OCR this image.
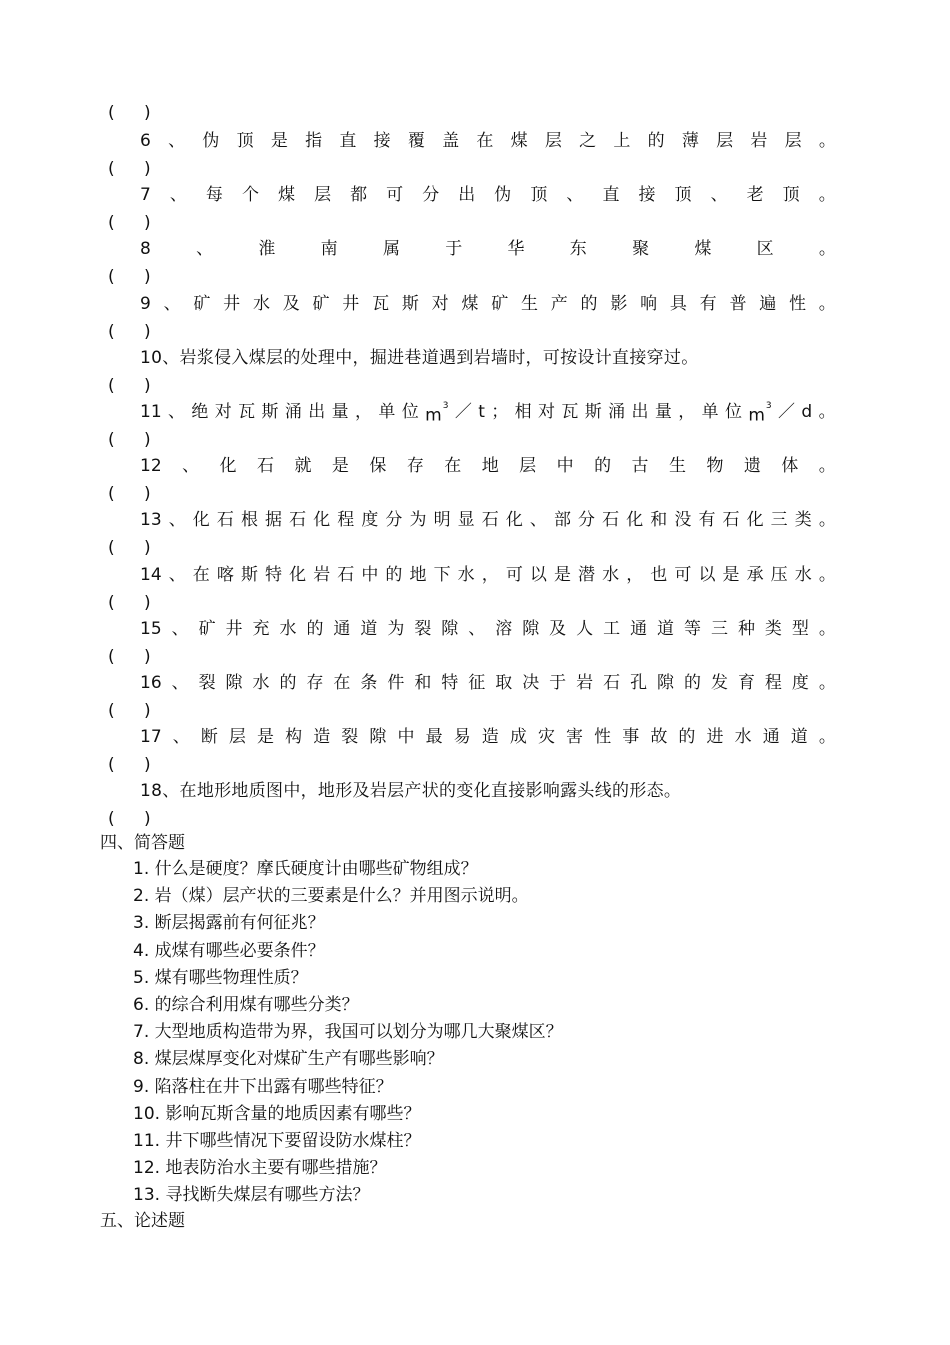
( )
6 、 伪 顶 是 指 直 接 覆 盖 在 煤 层 之 上 的 薄 层 岩 层 。
( )
7 、 每 个 煤 层 都 可 分 出 伪 顶 、 直 接 顶 、 老 顶 。
( )
8	、	淮	南	属	于	华	东	聚	煤	区	。
( )
9 、 矿 井 水 及 矿 井 瓦 斯 对 煤 矿 生 产 的 影 响 具 有 普 遍 性 。
( )
10、岩浆侵入煤层的处理中，掘进巷道遇到岩墙时，可按设计直接穿过。
( )
11 、 绝 对 瓦 斯 涌 出 量 ， 单 位 $m^3$ ／ t ； 相 对 瓦 斯 涌 出 量 ， 单 位 $m^3$ ／ d 。
( )
12 、 化 石 就 是 保 存 在 地 层 中 的 古 生 物 遗 体 。
( )
13 、 化 石 根 据 石 化 程 度 分 为 明 显 石 化 、 部 分 石 化 和 没 有 石 化 三 类 。
( )
14 、 在 喀 斯 特 化 岩 石 中 的 地 下 水 ， 可 以 是 潜 水 ， 也 可 以 是 承 压 水 。
( )
15 、 矿 井 充 水 的 通 道 为 裂 隙 、 溶 隙 及 人 工 通 道 等 三 种 类 型 。
( )
16 、 裂 隙 水 的 存 在 条 件 和 特 征 取 决 于 岩 石 孔 隙 的 发 育 程 度 。
( )
17 、 断 层 是 构 造 裂 隙 中 最 易 造 成 灾 害 性 事 故 的 进 水 通 道 。
( )
18、在地形地质图中，地形及岩层产状的变化直接影响露头线的形态。
( )
四、简答题
1. 什么是硬度？摩氏硬度计由哪些矿物组成？
2. 岩（煤）层产状的三要素是什么？并用图示说明。
3. 断层揭露前有何征兆？
4. 成煤有哪些必要条件？
5. 煤有哪些物理性质？
6. 的综合利用煤有哪些分类？
7. 大型地质构造带为界，我国可以划分为哪几大聚煤区？
8. 煤层煤厚变化对煤矿生产有哪些影响？
9. 陷落柱在井下出露有哪些特征？
10. 影响瓦斯含量的地质因素有哪些？
11. 井下哪些情况下要留设防水煤柱？
12. 地表防治水主要有哪些措施？
13. 寻找断失煤层有哪些方法？
五、论述题
